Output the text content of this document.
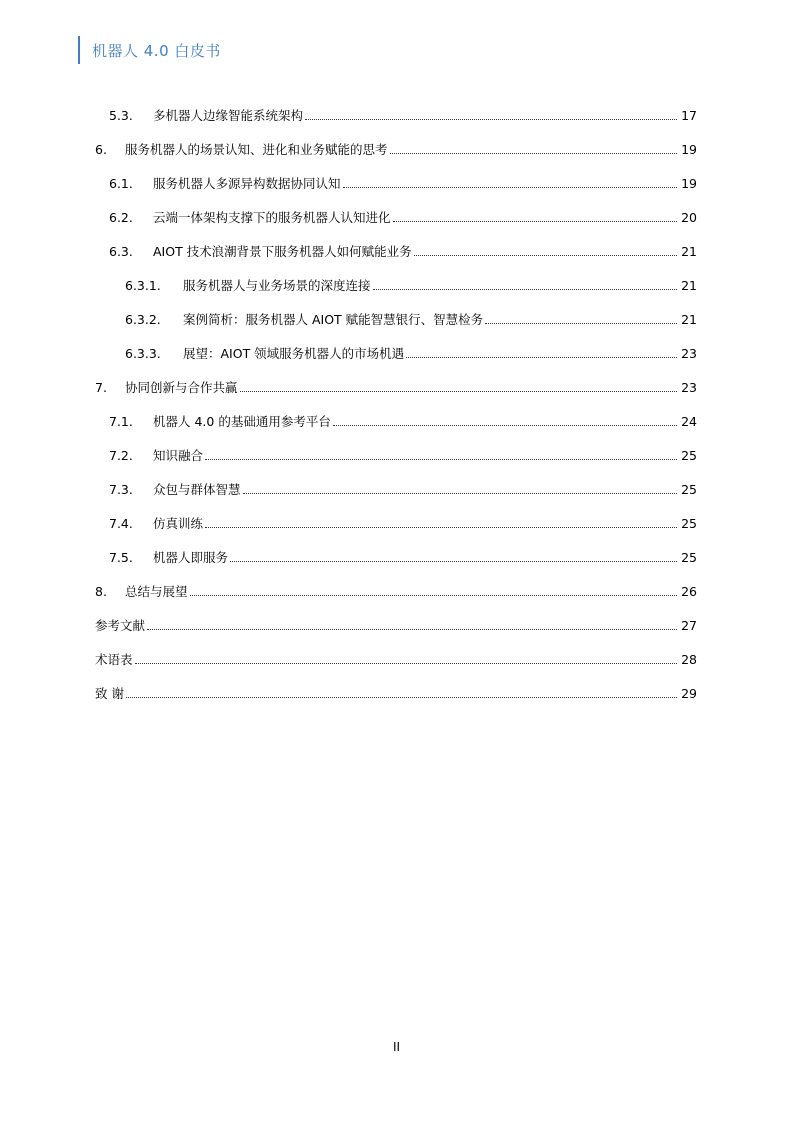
机器人 4.0 白皮书
5.3.	多机器人边缘智能系统架构	17
6.	服务机器人的场景认知、进化和业务赋能的思考	19
6.1.	服务机器人多源异构数据协同认知	19
6.2.	云端一体架构支撑下的服务机器人认知进化	20
6.3.	AIOT 技术浪潮背景下服务机器人如何赋能业务	21
6.3.1.	服务机器人与业务场景的深度连接	21
6.3.2.	案例简析：服务机器人 AIOT 赋能智慧银行、智慧检务	21
6.3.3.	展望：AIOT 领域服务机器人的市场机遇	23
7.	协同创新与合作共赢	23
7.1.	机器人 4.0 的基础通用参考平台	24
7.2.	知识融合	25
7.3.	众包与群体智慧	25
7.4.	仿真训练	25
7.5.	机器人即服务	25
8.	总结与展望	26
参考文献	27
术语表	28
致 谢	29
II
